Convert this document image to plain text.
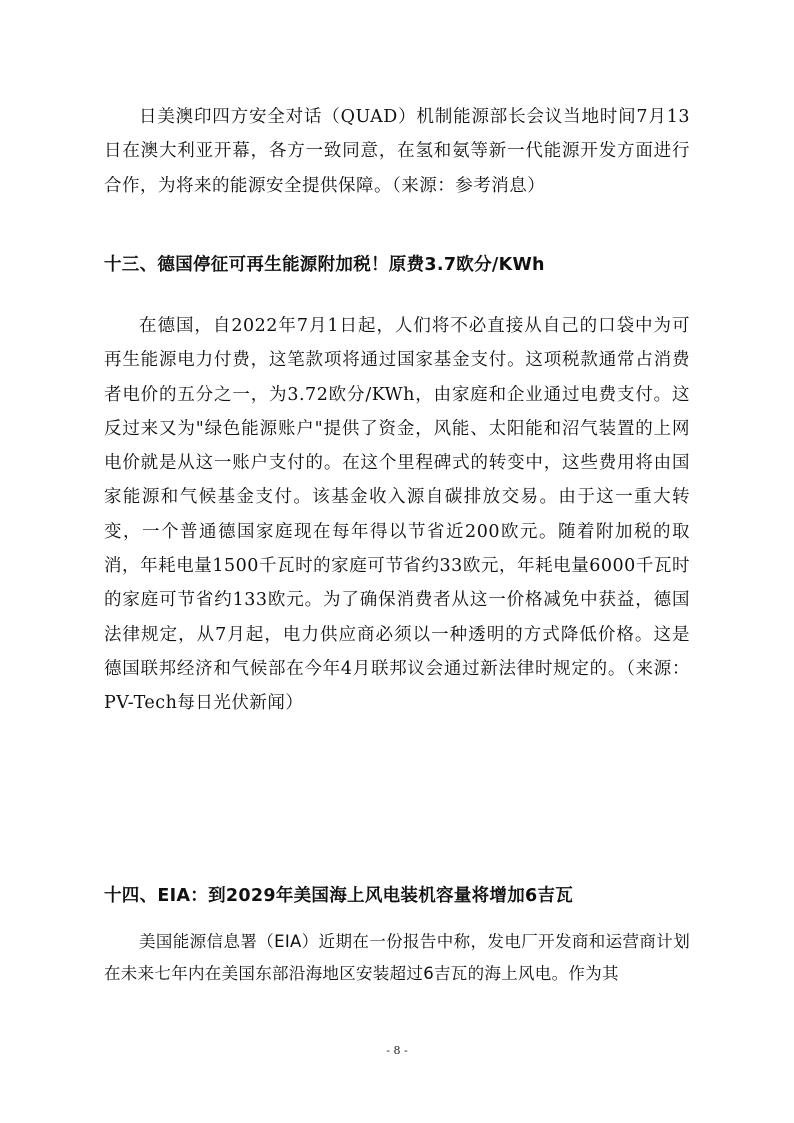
日美澳印四方安全对话（QUAD）机制能源部长会议当地时间7月13日在澳大利亚开幕，各方一致同意，在氢和氨等新一代能源开发方面进行合作，为将来的能源安全提供保障。（来源：参考消息）

十三、德国停征可再生能源附加税！原费3.7欧分/KWh

在德国，自2022年7月1日起，人们将不必直接从自己的口袋中为可再生能源电力付费，这笔款项将通过国家基金支付。这项税款通常占消费者电价的五分之一，为3.72欧分/KWh，由家庭和企业通过电费支付。这反过来又为"绿色能源账户"提供了资金，风能、太阳能和沼气装置的上网电价就是从这一账户支付的。在这个里程碑式的转变中，这些费用将由国家能源和气候基金支付。该基金收入源自碳排放交易。由于这一重大转变，一个普通德国家庭现在每年得以节省近200欧元。随着附加税的取消，年耗电量1500千瓦时的家庭可节省约33欧元，年耗电量6000千瓦时的家庭可节省约133欧元。为了确保消费者从这一价格减免中获益，德国法律规定，从7月起，电力供应商必须以一种透明的方式降低价格。这是德国联邦经济和气候部在今年4月联邦议会通过新法律时规定的。（来源：PV-Tech每日光伏新闻）

十四、EIA：到2029年美国海上风电装机容量将增加6吉瓦

美国能源信息署（EIA）近期在一份报告中称，发电厂开发商和运营商计划在未来七年内在美国东部沿海地区安装超过6吉瓦的海上风电。作为其

- 8 -
